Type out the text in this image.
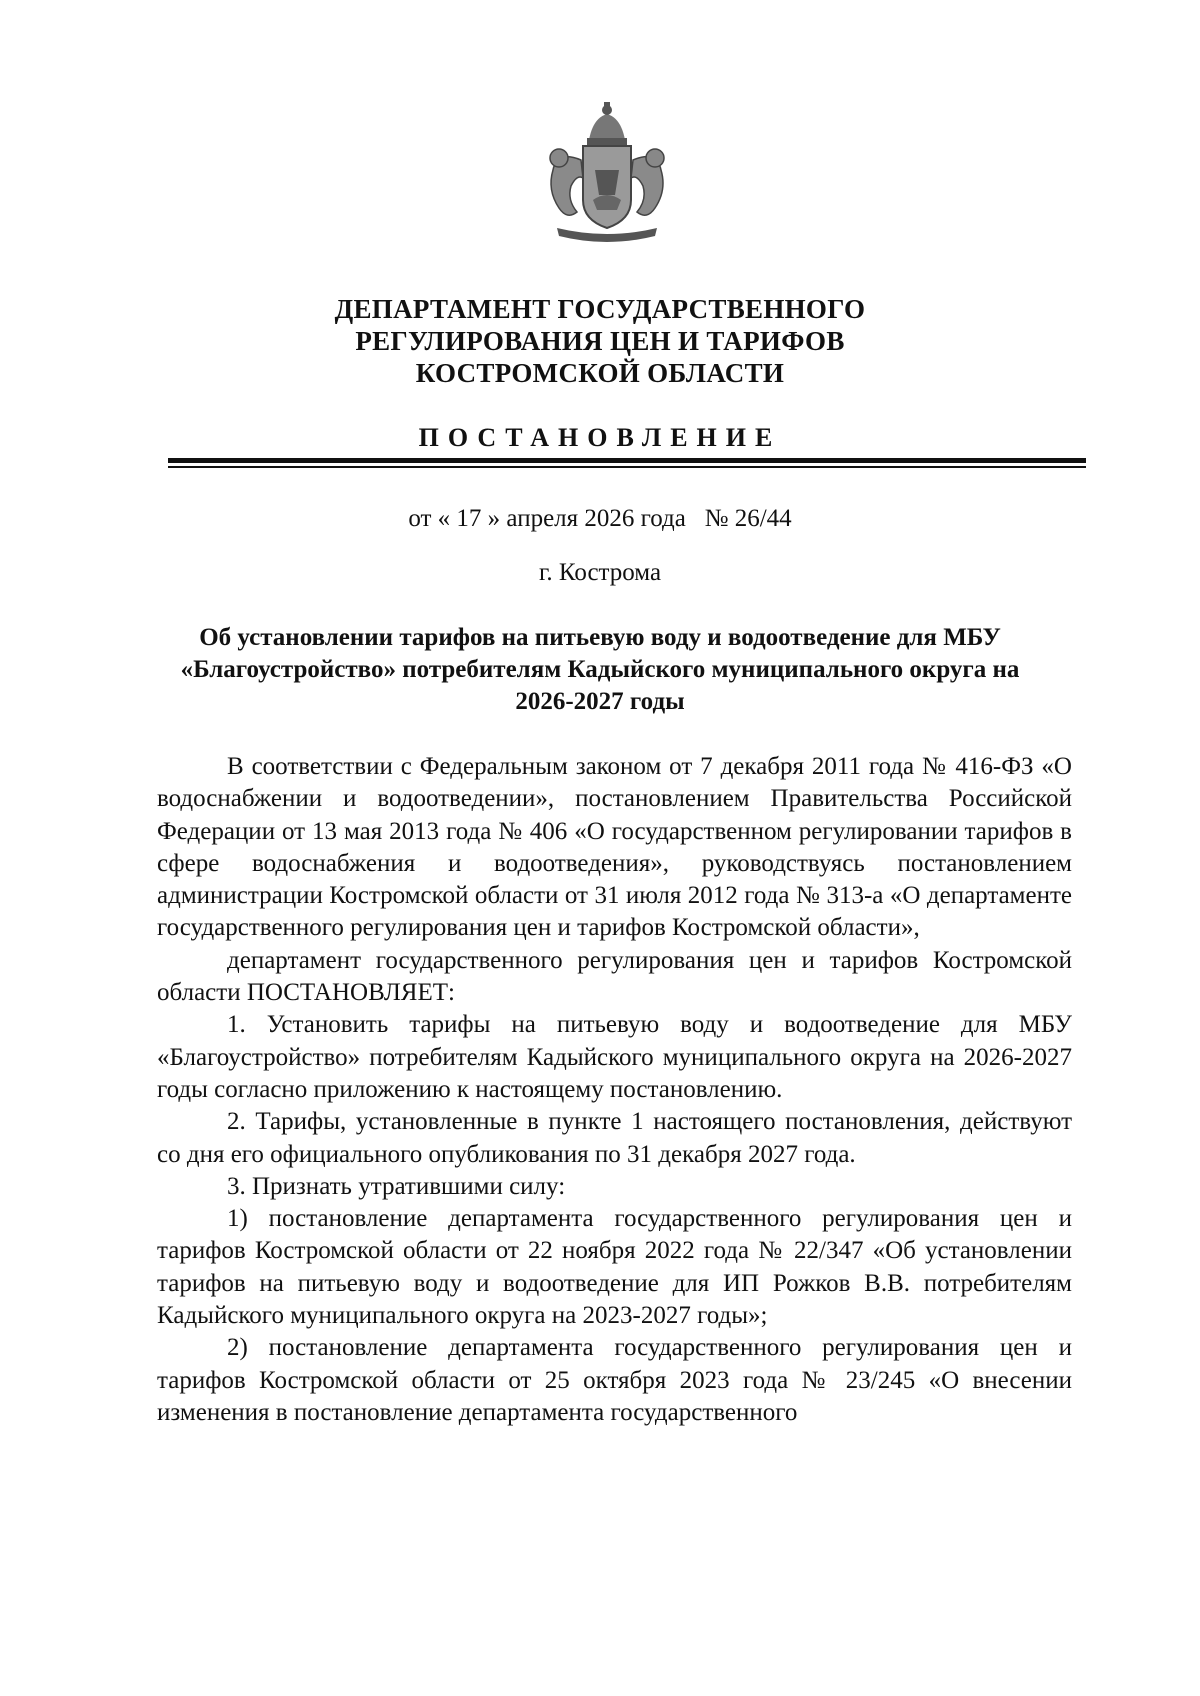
ДЕПАРТАМЕНТ ГОСУДАРСТВЕННОГО
РЕГУЛИРОВАНИЯ ЦЕН И ТАРИФОВ
КОСТРОМСКОЙ ОБЛАСТИ
ПОСТАНОВЛЕНИЕ
от « 17 » апреля 2026 года   № 26/44
г. Кострома
Об установлении тарифов на питьевую воду и водоотведение для МБУ «Благоустройство» потребителям Кадыйского муниципального округа на 2026-2027 годы

В соответствии с Федеральным законом от 7 декабря 2011 года № 416-ФЗ «О водоснабжении и водоотведении», постановлением Правительства Российской Федерации от 13 мая 2013 года № 406 «О государственном регулировании тарифов в сфере водоснабжения и водоотведения», руководствуясь постановлением администрации Костромской области от 31 июля 2012 года № 313-а «О департаменте государственного регулирования цен и тарифов Костромской области»,

департамент государственного регулирования цен и тарифов Костромской области ПОСТАНОВЛЯЕТ:

1. Установить тарифы на питьевую воду и водоотведение для МБУ «Благоустройство» потребителям Кадыйского муниципального округа на 2026-2027 годы согласно приложению к настоящему постановлению.

2. Тарифы, установленные в пункте 1 настоящего постановления, действуют со дня его официального опубликования по 31 декабря 2027 года.

3. Признать утратившими силу:

1) постановление департамента государственного регулирования цен и тарифов Костромской области от 22 ноября 2022 года № 22/347 «Об установлении тарифов на питьевую воду и водоотведение для ИП Рожков В.В. потребителям Кадыйского муниципального округа на 2023-2027 годы»;

2) постановление департамента государственного регулирования цен и тарифов Костромской области от 25 октября 2023 года № 23/245 «О внесении изменения в постановление департамента государственного
